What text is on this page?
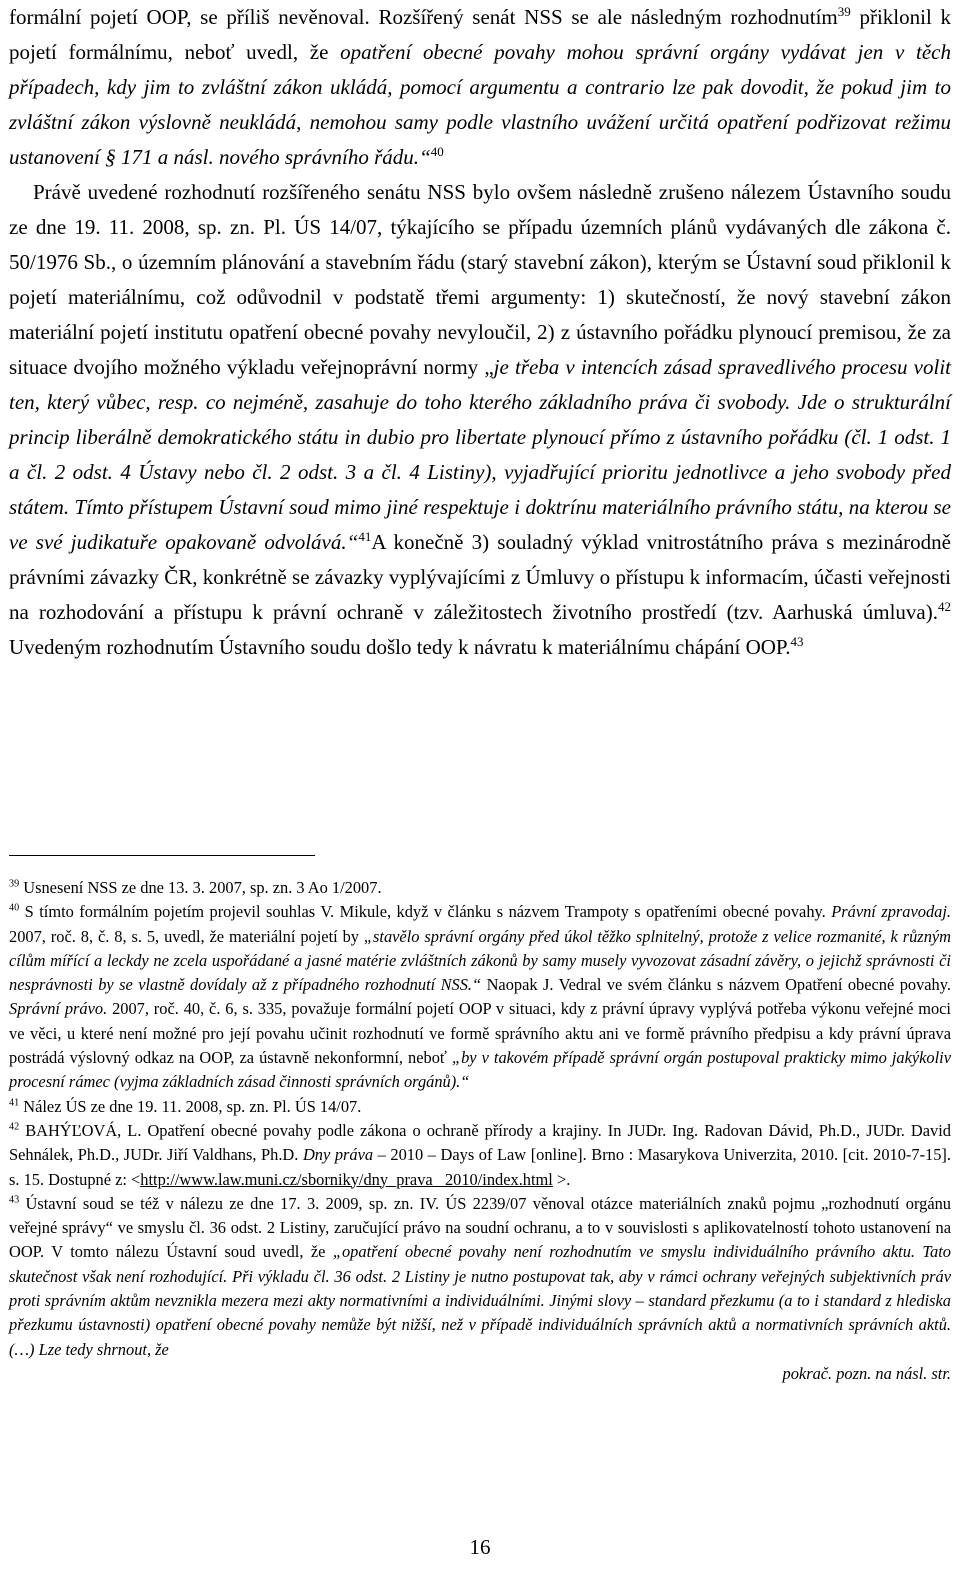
formální pojetí OOP, se příliš nevěnoval. Rozšířený senát NSS se ale následným rozhodnutím$^{39}$ přiklonil k pojetí formálnímu, neboť uvedl, že opatření obecné povahy mohou správní orgány vydávat jen v těch případech, kdy jim to zvláštní zákon ukládá, pomocí argumentu a contrario lze pak dovodit, že pokud jim to zvláštní zákon výslovně neukládá, nemohou samy podle vlastního uvážení určitá opatření podřizovat režimu ustanovení § 171 a násl. nového správního řádu.“$^{40}$

Právě uvedené rozhodnutí rozšířeného senátu NSS bylo ovšem následně zrušeno nálezem Ústavního soudu ze dne 19. 11. 2008, sp. zn. Pl. ÚS 14/07, týkajícího se případu územních plánů vydávaných dle zákona č. 50/1976 Sb., o územním plánování a stavebním řádu (starý stavební zákon), kterým se Ústavní soud přiklonil k pojetí materiálnímu, což odůvodnil v podstatě třemi argumenty: 1) skutečností, že nový stavební zákon materiální pojetí institutu opatření obecné povahy nevyloučil, 2) z ústavního pořádku plynoucí premisou, že za situace dvojího možného výkladu veřejnoprávní normy „je třeba v intencích zásad spravedlivého procesu volit ten, který vůbec, resp. co nejméně, zasahuje do toho kterého základního práva či svobody. Jde o strukturální princip liberálně demokratického státu in dubio pro libertate plynoucí přímo z ústavního pořádku (čl. 1 odst. 1 a čl. 2 odst. 4 Ústavy nebo čl. 2 odst. 3 a čl. 4 Listiny), vyjadřující prioritu jednotlivce a jeho svobody před státem. Tímto přístupem Ústavní soud mimo jiné respektuje i doktrínu materiálního právního státu, na kterou se ve své judikatuře opakovaně odvolává.“$^{41}$A konečně 3) souladný výklad vnitrostátního práva s mezinárodně právními závazky ČR, konkrétně se závazky vyplývajícími z Úmluvy o přístupu k informacím, účasti veřejnosti na rozhodování a přístupu k právní ochraně v záležitostech životního prostředí (tzv. Aarhuská úmluva).$^{42}$ Uvedeným rozhodnutím Ústavního soudu došlo tedy k návratu k materiálnímu chápání OOP.$^{43}$

$^{39}$ Usnesení NSS ze dne 13. 3. 2007, sp. zn. 3 Ao 1/2007.

$^{40}$ S tímto formálním pojetím projevil souhlas V. Mikule, když v článku s názvem Trampoty s opatřeními obecné povahy. Právní zpravodaj. 2007, roč. 8, č. 8, s. 5, uvedl, že materiální pojetí by „stavělo správní orgány před úkol těžko splnitelný, protože z velice rozmanité, k různým cílům mířící a leckdy ne zcela uspořádané a jasné matérie zvláštních zákonů by samy musely vyvozovat zásadní závěry, o jejichž správnosti či nesprávnosti by se vlastně dovídaly až z případného rozhodnutí NSS.“ Naopak J. Vedral ve svém článku s názvem Opatření obecné povahy. Správní právo. 2007, roč. 40, č. 6, s. 335, považuje formální pojetí OOP v situaci, kdy z právní úpravy vyplývá potřeba výkonu veřejné moci ve věci, u které není možné pro její povahu učinit rozhodnutí ve formě správního aktu ani ve formě právního předpisu a kdy právní úprava postrádá výslovný odkaz na OOP, za ústavně nekonformní, neboť „by v takovém případě správní orgán postupoval prakticky mimo jakýkoliv procesní rámec (vyjma základních zásad činnosti správních orgánů).“

$^{41}$ Nález ÚS ze dne 19. 11. 2008, sp. zn. Pl. ÚS 14/07.

$^{42}$ BAHÝĽOVÁ, L. Opatření obecné povahy podle zákona o ochraně přírody a krajiny. In JUDr. Ing. Radovan Dávid, Ph.D., JUDr. David Sehnálek, Ph.D., JUDr. Jiří Valdhans, Ph.D. Dny práva – 2010 – Days of Law [online]. Brno : Masarykova Univerzita, 2010. [cit. 2010-7-15]. s. 15. Dostupné z: <http://www.law.muni.cz/sborniky/dny_prava_ 2010/index.html >.

$^{43}$ Ústavní soud se též v nálezu ze dne 17. 3. 2009, sp. zn. IV. ÚS 2239/07 věnoval otázce materiálních znaků pojmu „rozhodnutí orgánu veřejné správy“ ve smyslu čl. 36 odst. 2 Listiny, zaručující právo na soudní ochranu, a to v souvislosti s aplikovatelností tohoto ustanovení na OOP. V tomto nálezu Ústavní soud uvedl, že „opatření obecné povahy není rozhodnutím ve smyslu individuálního právního aktu. Tato skutečnost však není rozhodující. Při výkladu čl. 36 odst. 2 Listiny je nutno postupovat tak, aby v rámci ochrany veřejných subjektivních práv proti správním aktům nevznikla mezera mezi akty normativními a individuálními. Jinými slovy – standard přezkumu (a to i standard z hlediska přezkumu ústavnosti) opatření obecné povahy nemůže být nižší, než v případě individuálních správních aktů a normativních správních aktů.(…) Lze tedy shrnout, že
pokrač. pozn. na násl. str.

16
